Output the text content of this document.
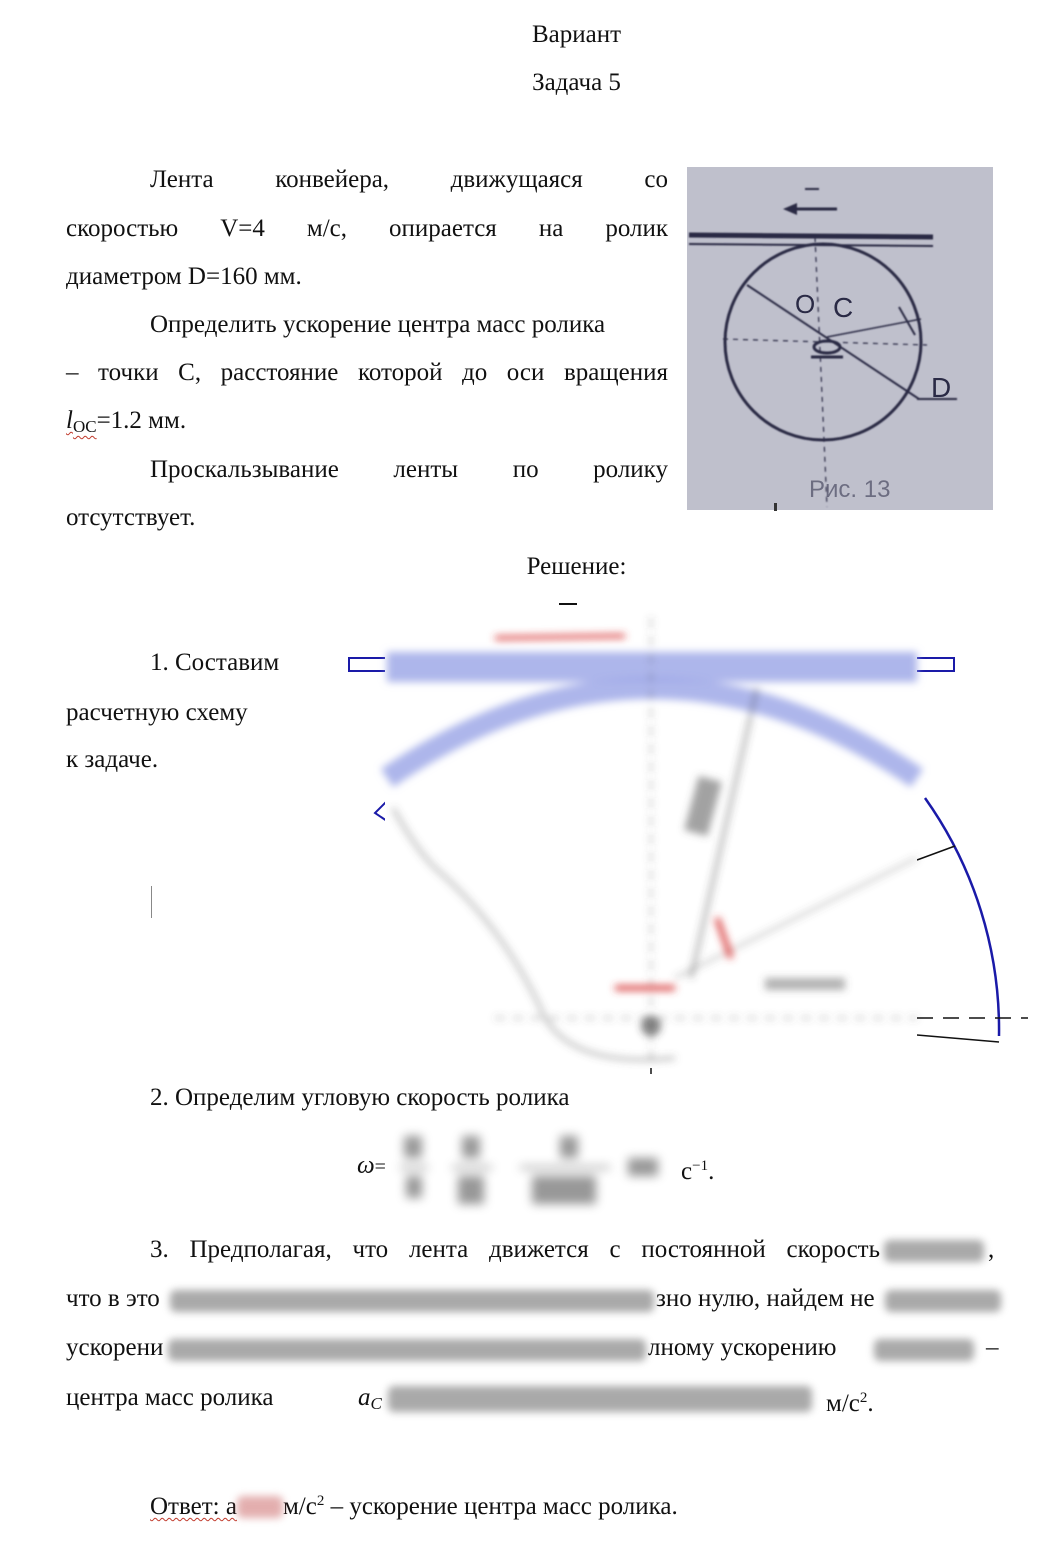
Вариант
Задача 5
Лента конвейера, движущаяся со
скоростью V=4 м/с, опирается на ролик
диаметром D=160 мм.
Определить ускорение центра масс ролика
– точки С, расстояние которой до оси вращения
$l_{OC}=1.2$ мм.
Проскальзывание ленты по ролику
отсутствует.
O C
D
Рис. 13
Решение:
1. Составим
расчетную схему
к задаче.
2. Определим угловую скорость ролика
ω=	$с^{-1}$.
3. Предполагая, что лента движется с постоянной скорость	,
что в это	зно нулю, найдем не
ускорени	лному ускорению	–
центра масс ролика	$a_C$	$м/с^2$.
Ответ: a $м/с^2$ – ускорение центра масс ролика.
